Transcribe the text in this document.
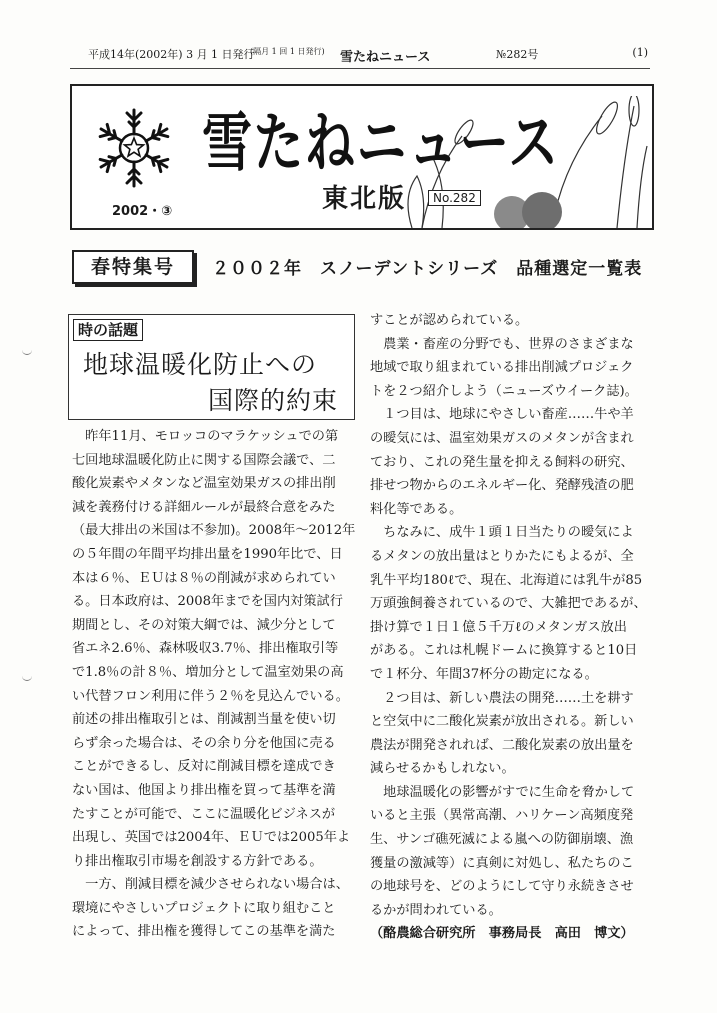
平成14年(2002年) 3 月 1 日発行
(隔月 1 回 1 日発行) 雪たねニュース	№282号	(1)
雪たねニュース
東北版	No.282
2002・③
春特集号	２００２年　スノーデントシリーズ　品種選定一覧表
時の話題
地球温暖化防止への
国際的約束

　昨年11月、モロッコのマラケッシュでの第

七回地球温暖化防止に関する国際会議で、二

酸化炭素やメタンなど温室効果ガスの排出削

減を義務付ける詳細ルールが最終合意をみた

（最大排出の米国は不参加)。2008年～2012年

の５年間の年間平均排出量を1990年比で、日

本は６％、ＥＵは８％の削減が求められてい

る。日本政府は、2008年までを国内対策試行

期間とし、その対策大綱では、減少分として

省エネ2.6％、森林吸収3.7％、排出権取引等

で1.8％の計８％、増加分として温室効果の高

い代替フロン利用に伴う２％を見込んでいる。

前述の排出権取引とは、削減割当量を使い切

らず余った場合は、その余り分を他国に売る

ことができるし、反対に削減目標を達成でき

ない国は、他国より排出権を買って基準を満

たすことが可能で、ここに温暖化ビジネスが

出現し、英国では2004年、ＥＵでは2005年よ

り排出権取引市場を創設する方針である。

　一方、削減目標を減少させられない場合は、

環境にやさしいプロジェクトに取り組むこと

によって、排出権を獲得してこの基準を満た

すことが認められている。

　農業・畜産の分野でも、世界のさまざまな

地域で取り組まれている排出削減プロジェク

トを２つ紹介しよう（ニューズウイーク誌)。

　１つ目は、地球にやさしい畜産……牛や羊

の曖気には、温室効果ガスのメタンが含まれ

ており、これの発生量を抑える飼料の研究、

排せつ物からのエネルギー化、発酵残渣の肥

料化等である。

　ちなみに、成牛１頭１日当たりの曖気によ

るメタンの放出量はとりかたにもよるが、全

乳牛平均180ℓで、現在、北海道には乳牛が85

万頭強飼養されているので、大雑把であるが、

掛け算で１日１億５千万ℓのメタンガス放出

がある。これは札幌ドームに換算すると10日

で１杯分、年間37杯分の勘定になる。

　２つ目は、新しい農法の開発……土を耕す

と空気中に二酸化炭素が放出される。新しい

農法が開発されれば、二酸化炭素の放出量を

減らせるかもしれない。

　地球温暖化の影響がすでに生命を脅かして

いると主張（異常高潮、ハリケーン高頻度発

生、サンゴ礁死滅による嵐への防御崩壊、漁

獲量の激減等）に真剣に対処し、私たちのこ

の地球号を、どのようにして守り永続きさせ

るかが問われている。

（酪農総合研究所　事務局長　高田　博文）
